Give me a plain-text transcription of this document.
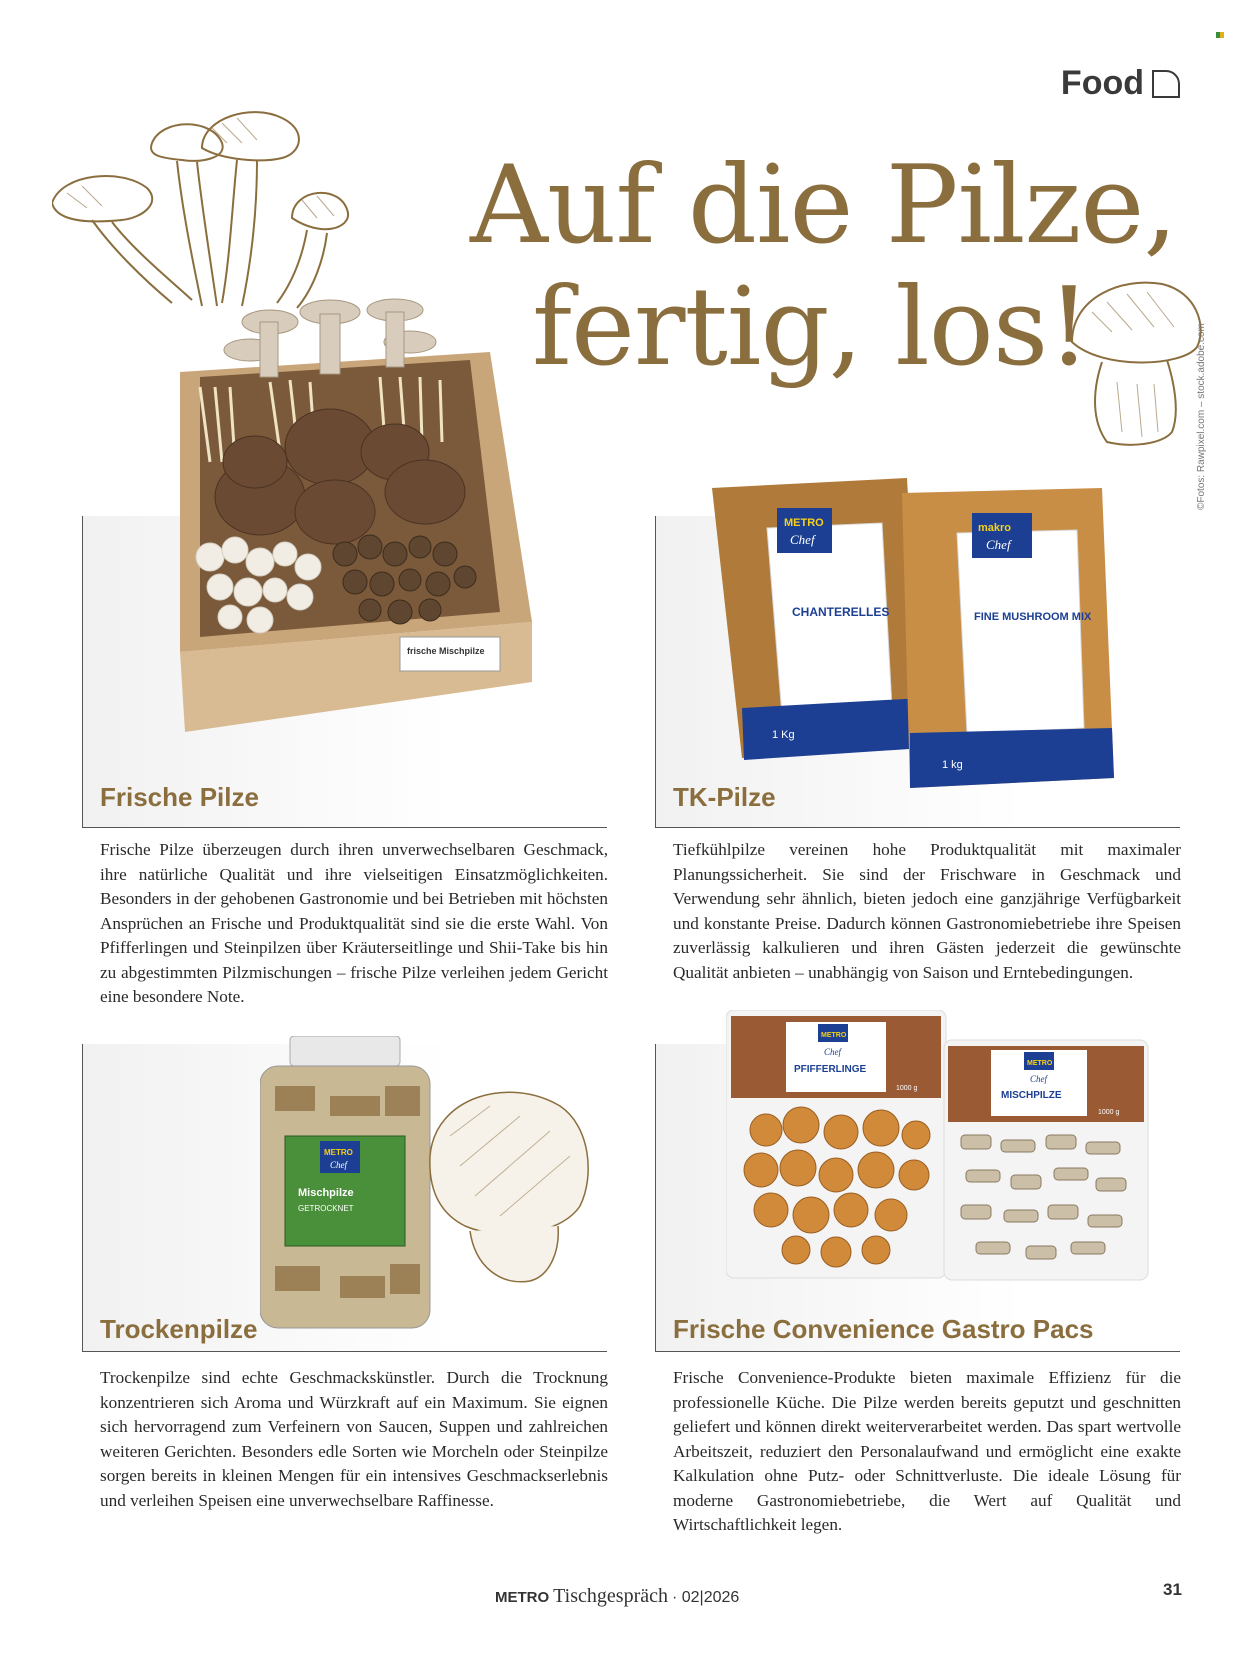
Food
Auf die Pilze,
fertig, los!	©Fotos: Rawpixel.com – stock.adobe.com
frische Mischpilze
Frische Pilze
Frische Pilze überzeugen durch ihren unverwechselbaren Geschmack, ihre natürliche Qualität und ihre vielseitigen Einsatzmöglichkeiten. Besonders in der gehobenen Gastronomie und bei Betrieben mit höchsten Ansprüchen an Frische und Produktqualität sind sie die erste Wahl. Von Pfifferlingen und Steinpilzen über Kräuterseitlinge und Shii-Take bis hin zu abgestimmten Pilzmischungen – frische Pilze verleihen jedem Gericht eine besondere Note.
METRO
Chef
CHANTERELLES
1 Kg
makro
Chef
FINE MUSHROOM MIX
1 kg
TK-Pilze
Tiefkühlpilze vereinen hohe Produktqualität mit maximaler Planungssicherheit. Sie sind der Frischware in Geschmack und Verwendung sehr ähnlich, bieten jedoch eine ganzjährige Verfügbarkeit und konstante Preise. Dadurch können Gastronomiebetriebe ihre Speisen zuverlässig kalkulieren und ihren Gästen jederzeit die gewünschte Qualität anbieten – unabhängig von Saison und Erntebedingungen.
METRO
Chef
Mischpilze
GETROCKNET
Trockenpilze
Trockenpilze sind echte Geschmackskünstler. Durch die Trocknung konzentrieren sich Aroma und Würzkraft auf ein Maximum. Sie eignen sich hervorragend zum Verfeinern von Saucen, Suppen und zahlreichen weiteren Gerichten. Besonders edle Sorten wie Morcheln oder Steinpilze sorgen bereits in kleinen Mengen für ein intensives Geschmackserlebnis und verleihen Speisen eine unverwechselbare Raffinesse.
METRO
Chef
PFIFFERLINGE
1000 g
METRO
Chef
MISCHPILZE
1000 g
Frische Convenience Gastro Pacs
Frische Convenience-Produkte bieten maximale Effizienz für die professionelle Küche. Die Pilze werden bereits geputzt und geschnitten geliefert und können direkt weiterverarbeitet werden. Das spart wertvolle Arbeitszeit, reduziert den Personalaufwand und ermöglicht eine exakte Kalkulation ohne Putz- oder Schnittverluste. Die ideale Lösung für moderne Gastronomiebetriebe, die Wert auf Qualität und Wirtschaftlichkeit legen.
METRO Tischgespräch · 02|2026	31
